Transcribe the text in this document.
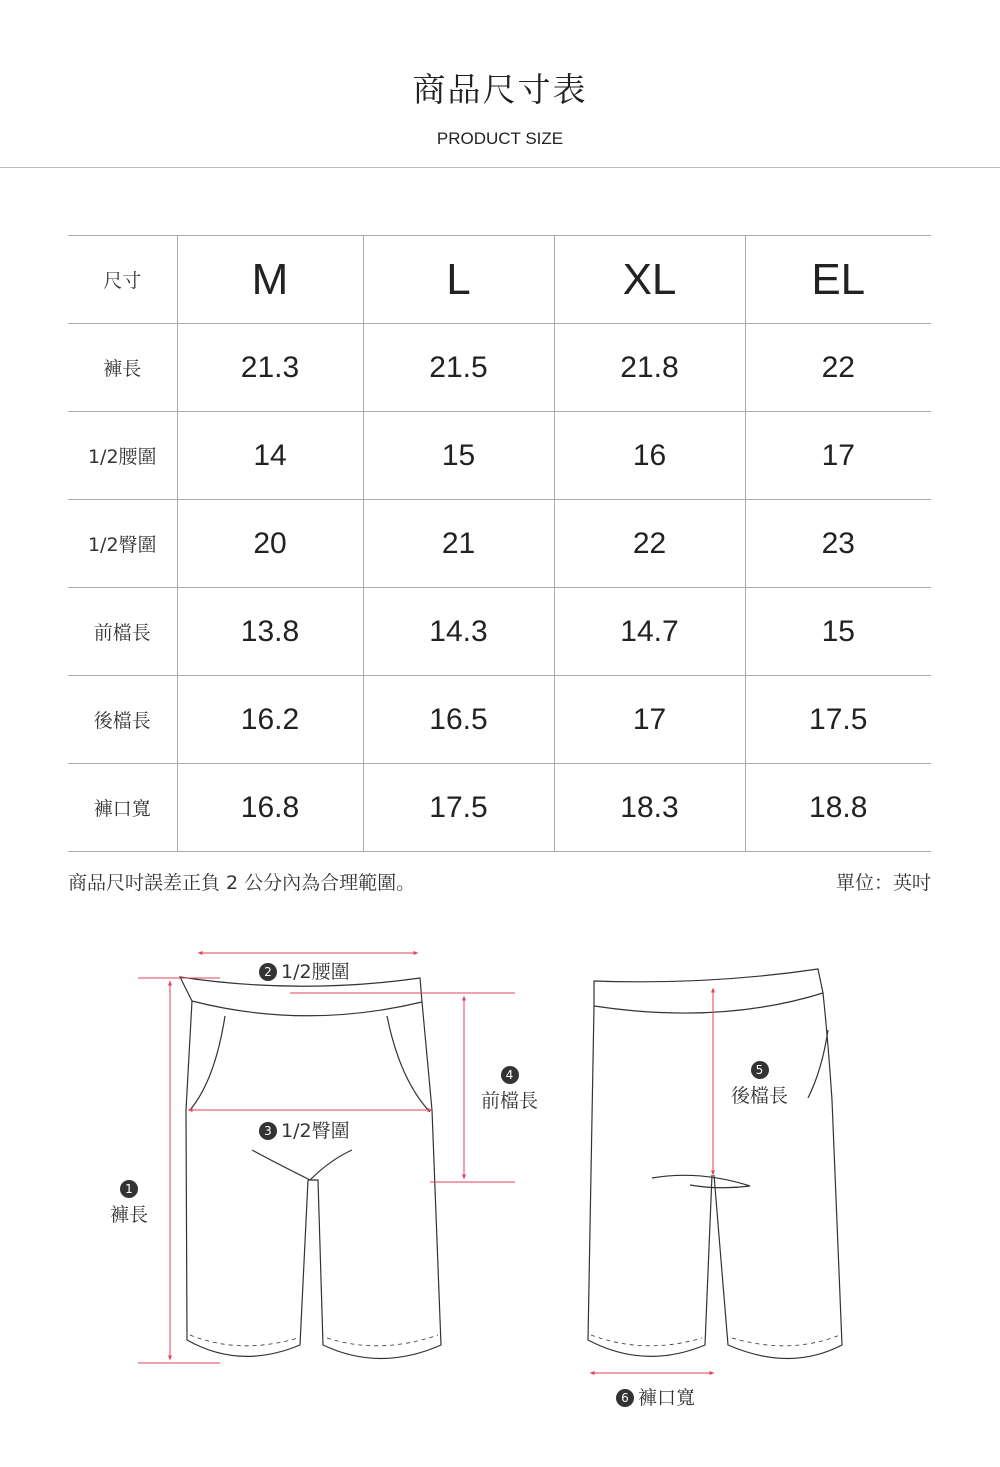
商品尺寸表
PRODUCT SIZE
尺寸	M	L	XL	EL
褲長	21.3	21.5	21.8	22
1/2腰圍	14	15	16	17
1/2臀圍	20	21	22	23
前檔長	13.8	14.3	14.7	15
後檔長	16.2	16.5	17	17.5
褲口寬	16.8	17.5	18.3	18.8
商品尺吋誤差正負 2 公分內為合理範圍。	單位：英吋
2 1/2腰圍
3 1/2臀圍
1
褲長
4
前檔長
5
後檔長
6 褲口寬
